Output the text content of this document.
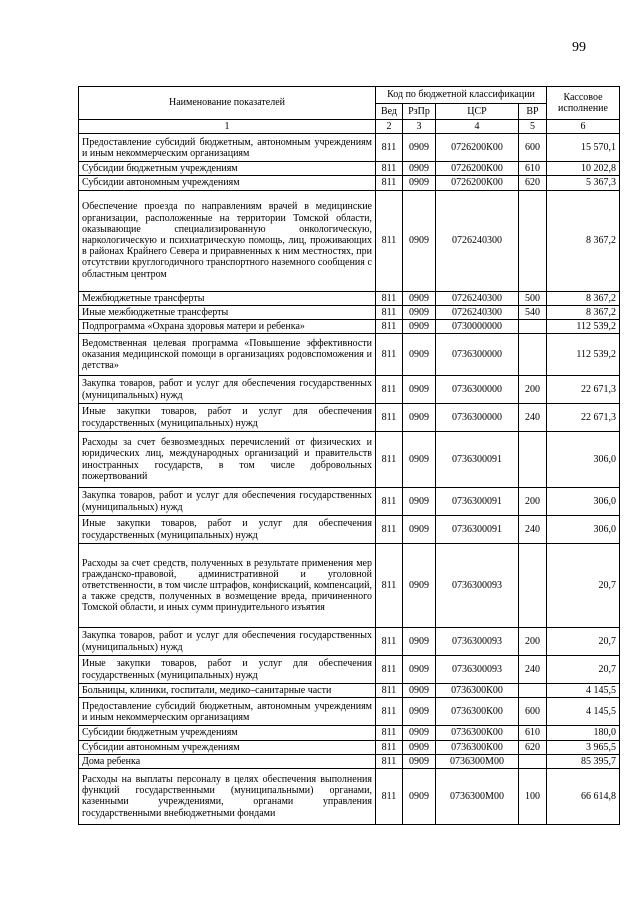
99
Наименование показателей	Код по бюджетной классификации				Кассовое исполнение
	Вед	РзПр	ЦСР	ВР	
1	2	3	4	5	6
Предоставление субсидий бюджетным, автономным учреждениям и иным некоммерческим организациям	811	0909	0726200К00	600	15 570,1
Субсидии бюджетным учреждениям	811	0909	0726200К00	610	10 202,8
Субсидии автономным учреждениям	811	0909	0726200К00	620	5 367,3
Обеспечение проезда по направлениям врачей в медицинские организации, расположенные на территории Томской области, оказывающие специализированную онкологическую, наркологическую и психиатрическую помощь, лиц, проживающих в районах Крайнего Севера и приравненных к ним местностях, при отсутствии круглогодичного транспортного наземного сообщения с областным центром	811	0909	0726240300		8 367,2
Межбюджетные трансферты	811	0909	0726240300	500	8 367,2
Иные межбюджетные трансферты	811	0909	0726240300	540	8 367,2
Подпрограмма «Охрана здоровья матери и ребенка»	811	0909	0730000000		112 539,2
Ведомственная целевая программа «Повышение эффективности оказания медицинской помощи в организациях родовспоможения и детства»	811	0909	0736300000		112 539,2
Закупка товаров, работ и услуг для обеспечения государственных (муниципальных) нужд	811	0909	0736300000	200	22 671,3
Иные закупки товаров, работ и услуг для обеспечения государственных (муниципальных) нужд	811	0909	0736300000	240	22 671,3
Расходы за счет безвозмездных перечислений от физических и юридических лиц, международных организаций и правительств иностранных государств, в том числе добровольных пожертвований	811	0909	0736300091		306,0
Закупка товаров, работ и услуг для обеспечения государственных (муниципальных) нужд	811	0909	0736300091	200	306,0
Иные закупки товаров, работ и услуг для обеспечения государственных (муниципальных) нужд	811	0909	0736300091	240	306,0
Расходы за счет средств, полученных в результате применения мер гражданско-правовой, административной и уголовной ответственности, в том числе штрафов, конфискаций, компенсаций, а также средств, полученных в возмещение вреда, причиненного Томской области, и иных сумм принудительного изъятия	811	0909	0736300093		20,7
Закупка товаров, работ и услуг для обеспечения государственных (муниципальных) нужд	811	0909	0736300093	200	20,7
Иные закупки товаров, работ и услуг для обеспечения государственных (муниципальных) нужд	811	0909	0736300093	240	20,7
Больницы, клиники, госпитали, медико–санитарные части	811	0909	0736300К00		4 145,5
Предоставление субсидий бюджетным, автономным учреждениям и иным некоммерческим организациям	811	0909	0736300К00	600	4 145,5
Субсидии бюджетным учреждениям	811	0909	0736300К00	610	180,0
Субсидии автономным учреждениям	811	0909	0736300К00	620	3 965,5
Дома ребенка	811	0909	0736300М00		85 395,7
Расходы на выплаты персоналу в целях обеспечения выполнения функций государственными (муниципальными) органами, казенными учреждениями, органами управления государственными внебюджетными фондами	811	0909	0736300М00	100	66 614,8
